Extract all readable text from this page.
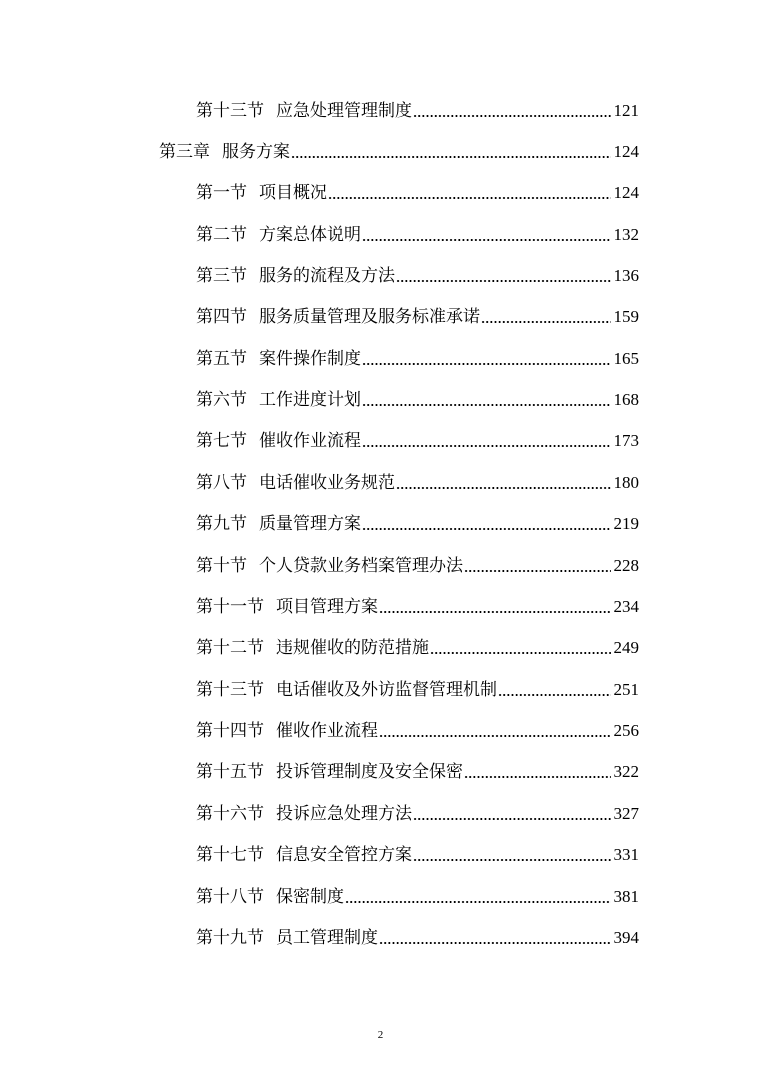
第十三节 应急处理管理制度	121
第三章 服务方案	124
第一节 项目概况	124
第二节 方案总体说明	132
第三节 服务的流程及方法	136
第四节 服务质量管理及服务标准承诺	159
第五节 案件操作制度	165
第六节 工作进度计划	168
第七节 催收作业流程	173
第八节 电话催收业务规范	180
第九节 质量管理方案	219
第十节 个人贷款业务档案管理办法	228
第十一节 项目管理方案	234
第十二节 违规催收的防范措施	249
第十三节 电话催收及外访监督管理机制	251
第十四节 催收作业流程	256
第十五节 投诉管理制度及安全保密	322
第十六节 投诉应急处理方法	327
第十七节 信息安全管控方案	331
第十八节 保密制度	381
第十九节 员工管理制度	394
2
